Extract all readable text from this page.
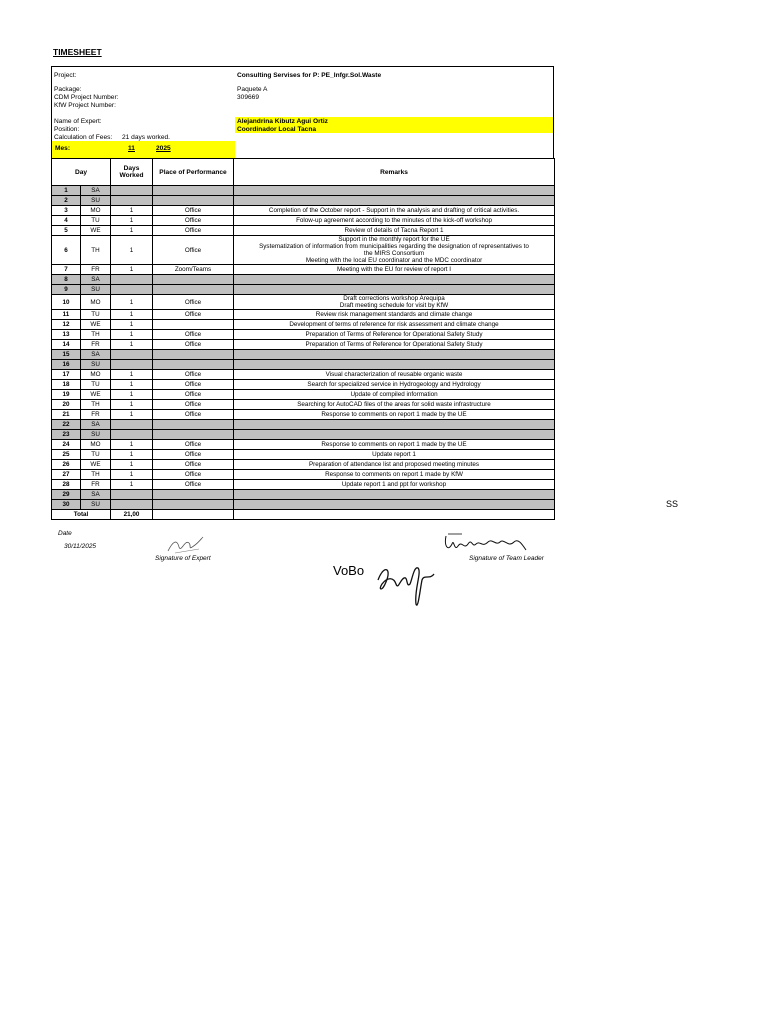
TIMESHEET
Project:	Consulting Servises for P: PE_Infgr.Sol.Waste
Package:	Paquete A
CDM Project Number:	309669
KfW Project Number:
Name of Expert:	Alejandrina Kibutz Agui Ortiz
Position:	Coordinador Local Tacna
Calculation of Fees: 21 days worked.
Mes:	11	2025
Day		Days Worked	Place of Performance	Remarks
1	SA			
2	SU			
3	MO	1	Office	Completion of the October report - Support in the analysis and drafting of critical activities.

4	TU	1	Office	Folow-up agreement according to the minutes of the kick-off workshop

5	WE	1	Office	Review of details of Tacna Report 1

6	TH	1	Office	Support in the monthly report for the UE
Systematization of information from municipalities regarding the designation of representatives to
the MIRS Consortium
Meeting with the local EU coordinator and the MDC coordinator

7	FR	1	Zoom/Teams	Meeting with the EU for review of report I

8	SA			
9	SU			
10	MO	1	Office	Draft corrections workshop Arequipa
Draft meeting schedule for visit by KfW

11	TU	1	Office	Review risk management standards and climate change

12	WE	1		Development of terms of reference for risk assessment and climate change

13	TH	1	Office	Preparation of Terms of Reference for Operational Safety Study

14	FR	1	Office	Preparation of Terms of Reference for Operational Safety Study

15	SA			
16	SU			
17	MO	1	Office	Visual characterization of reusable organic waste

18	TU	1	Office	Search for specialized service in Hydrogeology and Hydrology

19	WE	1	Office	Update of compiled information

20	TH	1	Office	Searching for AutoCAD files of the areas for solid waste infrastructure

21	FR	1	Office	Response to comments on report 1 made by the UE

22	SA			
23	SU			
24	MO	1	Office	Response to comments on report 1 made by the UE

25	TU	1	Office	Update report 1

26	WE	1	Office	Preparation of attendance list and proposed meeting minutes

27	TH	1	Office	Response to comments on report 1 made by KfW

28	FR	1	Office	Update report 1 and ppt for workshop

29	SA			
30	SU			
Total		21,00		
Date
30/11/2025
Signature of Expert	Signature of Team Leader
VoBo
SS
